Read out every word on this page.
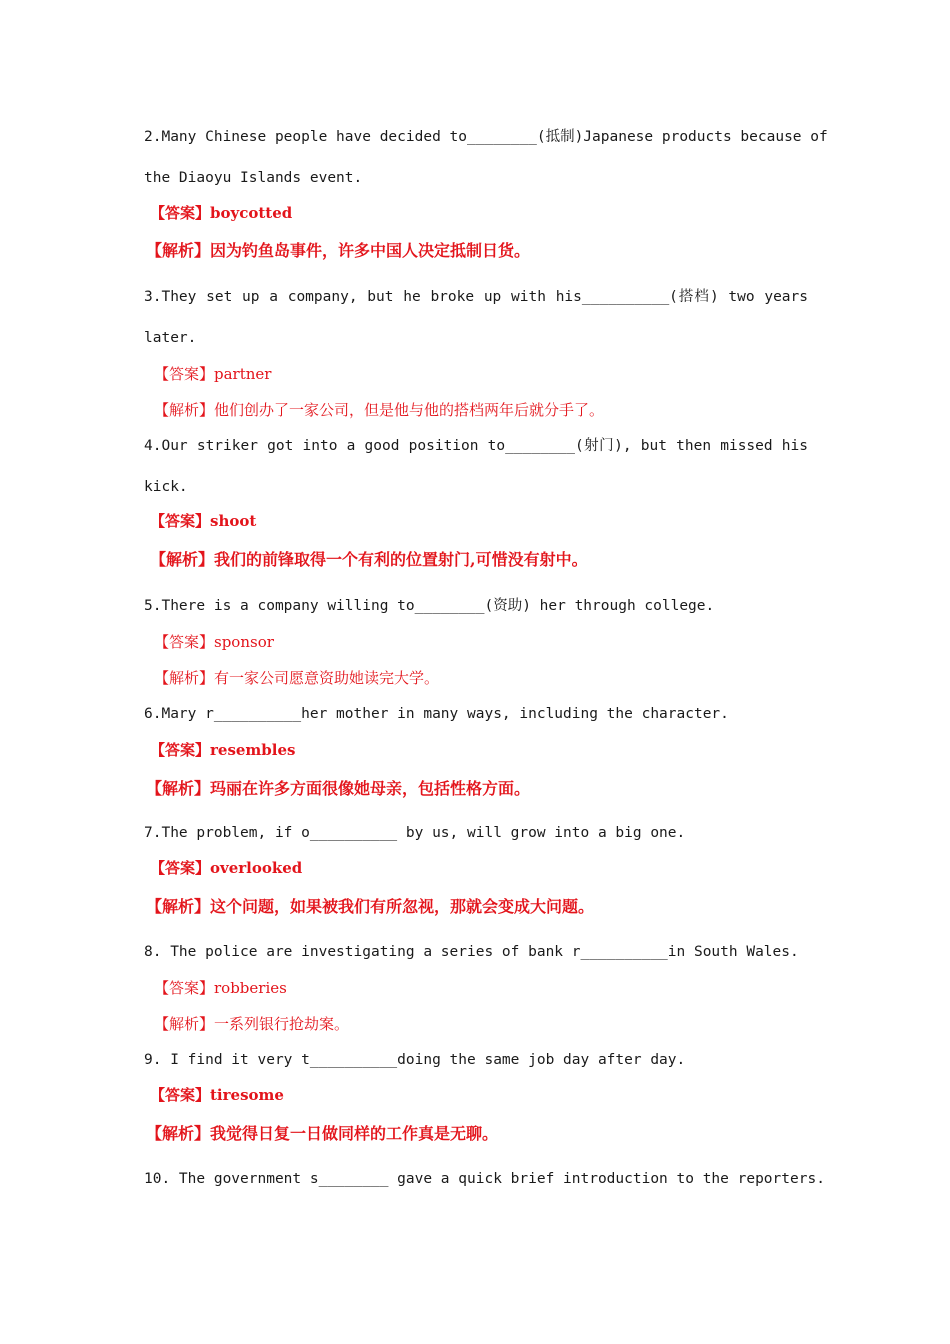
2.Many Chinese people have decided to________(抵制)Japanese products because of
the Diaoyu Islands event.
【答案】boycotted
【解析】因为钓鱼岛事件，许多中国人决定抵制日货。
3.They set up a company, but he broke up with his__________(搭档) two years
later.
【答案】partner
【解析】他们创办了一家公司，但是他与他的搭档两年后就分手了。
4.Our striker got into a good position to________(射门), but then missed his
kick.
【答案】shoot
【解析】我们的前锋取得一个有利的位置射门,可惜没有射中。
5.There is a company willing to________(资助) her through college.
【答案】sponsor
【解析】有一家公司愿意资助她读完大学。
6.Mary r__________her mother in many ways, including the character.
【答案】resembles
【解析】玛丽在许多方面很像她母亲，包括性格方面。
7.The problem, if o__________ by us, will grow into a big one.
【答案】overlooked
【解析】这个问题，如果被我们有所忽视，那就会变成大问题。
8. The police are investigating a series of bank r__________in South Wales.
【答案】robberies
【解析】一系列银行抢劫案。
9. I find it very t__________doing the same job day after day.
【答案】tiresome
【解析】我觉得日复一日做同样的工作真是无聊。
10. The government s________ gave a quick brief introduction to the reporters.
